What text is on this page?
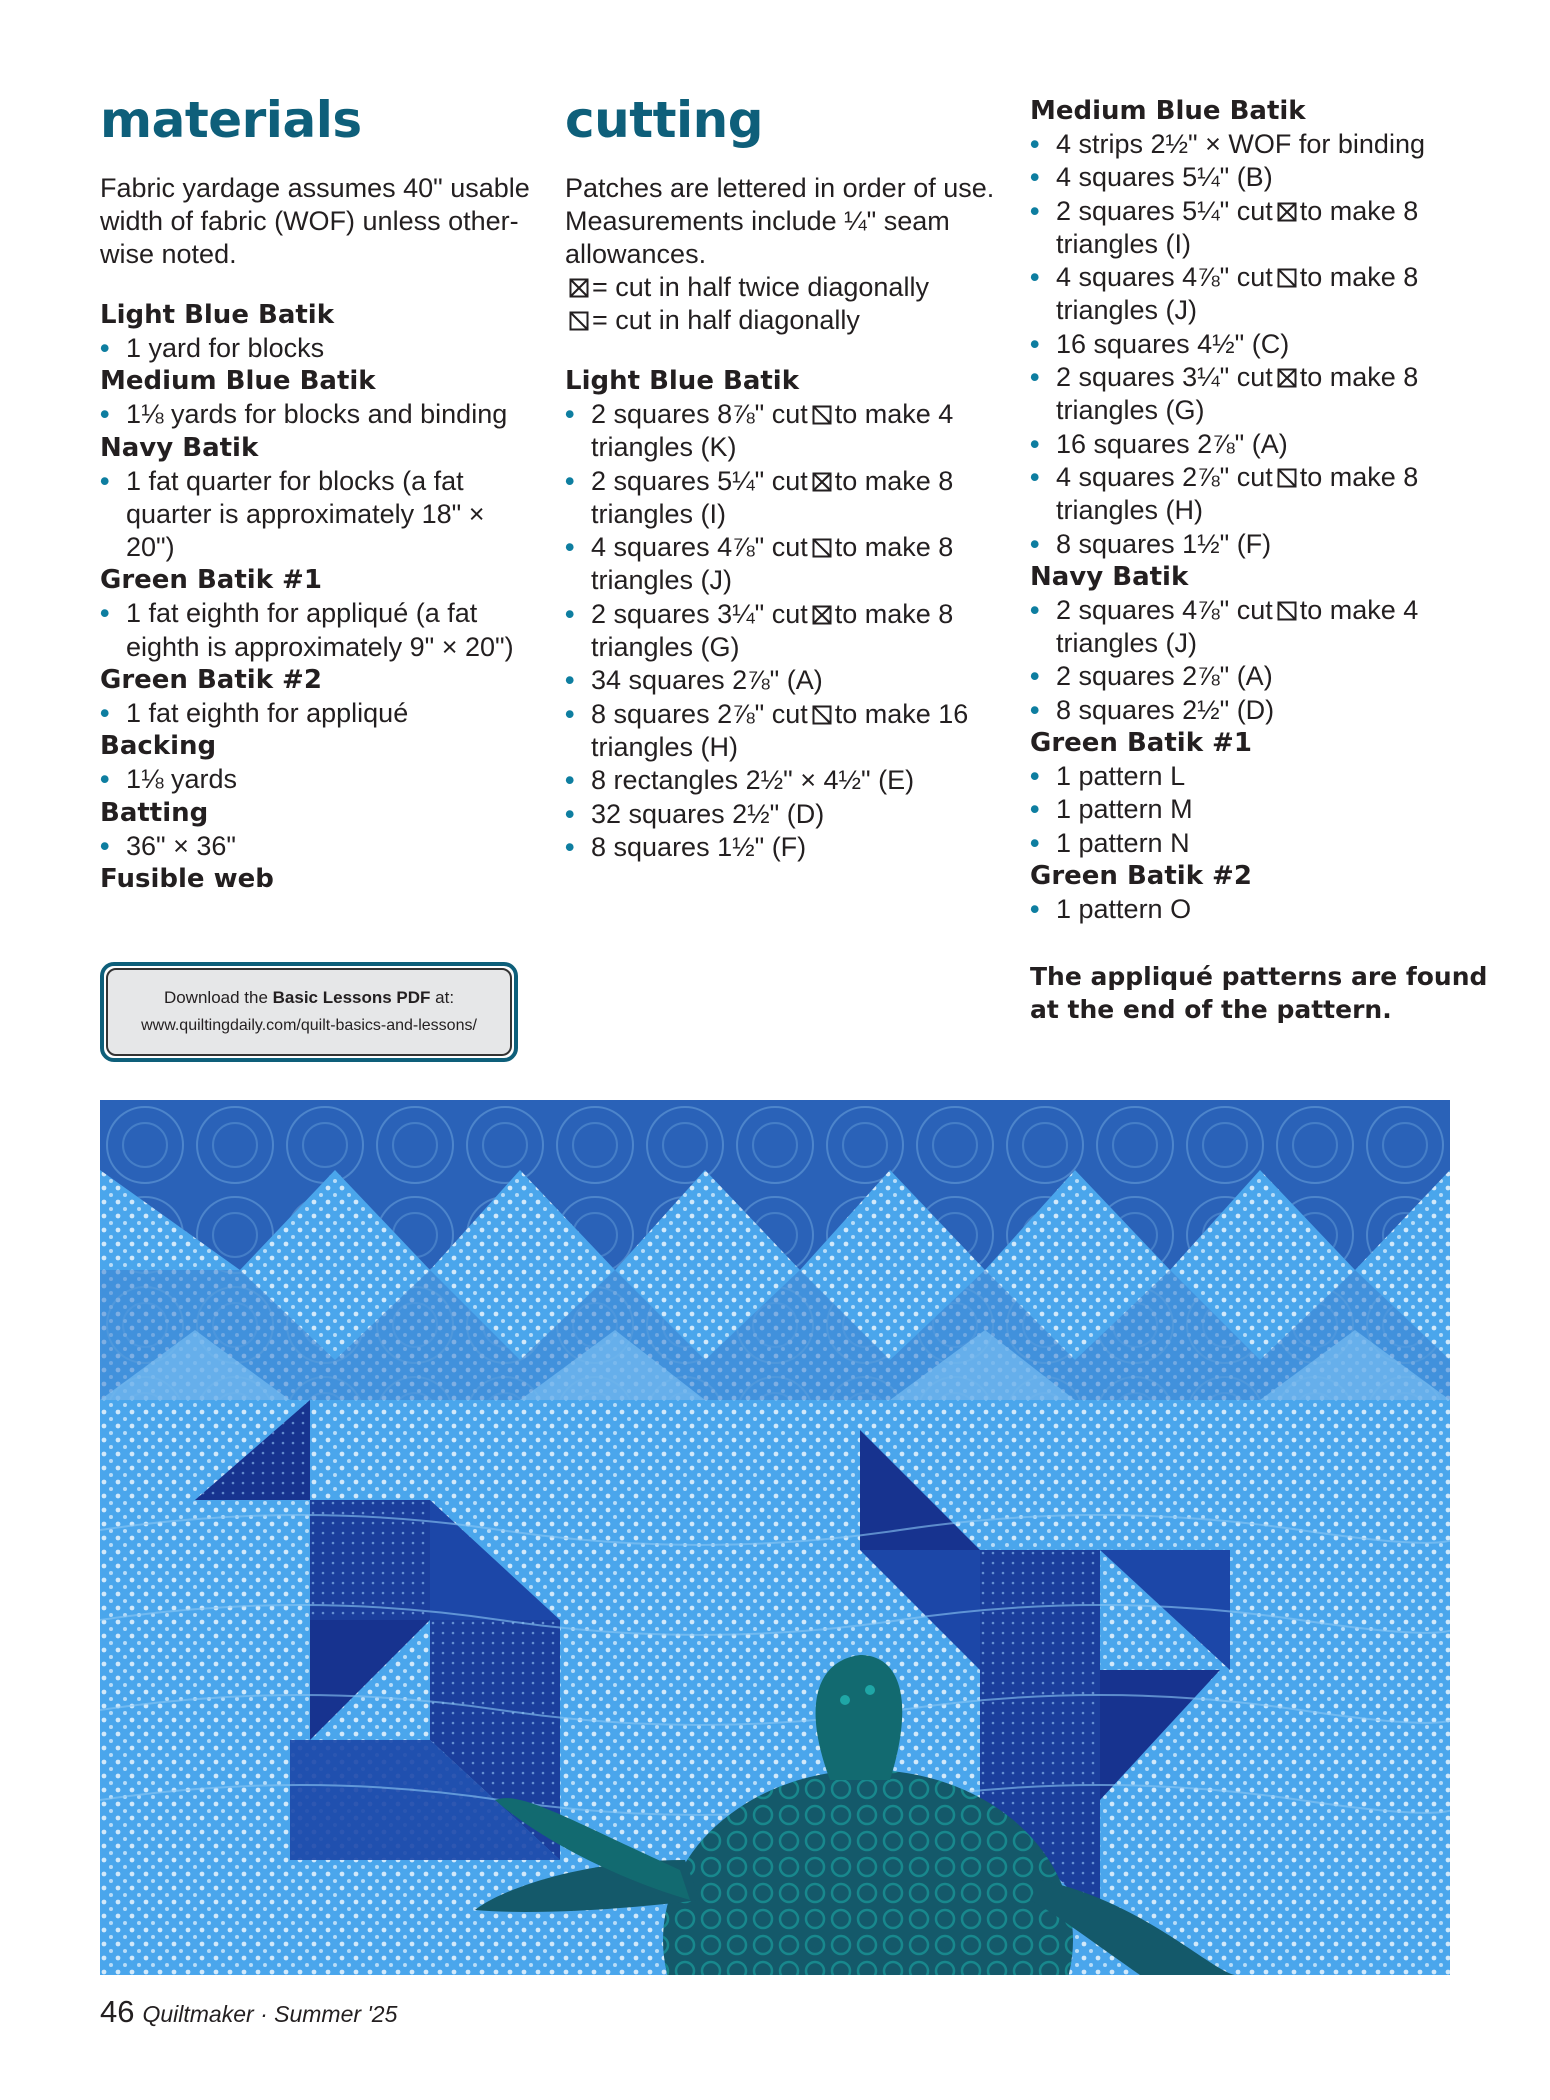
materials

Fabric yardage assumes 40" usable width of fabric (WOF) unless other-wise noted.

Light Blue Batik
• 1 yard for blocks
Medium Blue Batik
• 1⅛ yards for blocks and binding
Navy Batik
• 1 fat quarter for blocks (a fat quarter is approximately 18" × 20")
Green Batik #1
• 1 fat eighth for appliqué (a fat eighth is approximately 9" × 20")
Green Batik #2
• 1 fat eighth for appliqué
Backing
• 1⅛ yards
Batting
• 36" × 36"
Fusible web
Download the Basic Lessons PDF at:
www.quiltingdaily.com/quilt-basics-and-lessons/
cutting

Patches are lettered in order of use. Measurements include ¼" seam allowances.

= cut in half twice diagonally
= cut in half diagonally
Light Blue Batik
• 2 squares 8⅞" cut to make 4 triangles (K)
• 2 squares 5¼" cut to make 8 triangles (I)
• 4 squares 4⅞" cut to make 8 triangles (J)
• 2 squares 3¼" cut to make 8 triangles (G)
• 34 squares 2⅞" (A)
• 8 squares 2⅞" cut to make 16 triangles (H)
• 8 rectangles 2½" × 4½" (E)
• 32 squares 2½" (D)
• 8 squares 1½" (F)
Medium Blue Batik
• 4 strips 2½" × WOF for binding
• 4 squares 5¼" (B)
• 2 squares 5¼" cut to make 8 triangles (I)
• 4 squares 4⅞" cut to make 8 triangles (J)
• 16 squares 4½" (C)
• 2 squares 3¼" cut to make 8 triangles (G)
• 16 squares 2⅞" (A)
• 4 squares 2⅞" cut to make 8 triangles (H)
• 8 squares 1½" (F)
Navy Batik
• 2 squares 4⅞" cut to make 4 triangles (J)
• 2 squares 2⅞" (A)
• 8 squares 2½" (D)
Green Batik #1
• 1 pattern L
• 1 pattern M
• 1 pattern N
Green Batik #2
• 1 pattern O
The appliqué patterns are found at the end of the pattern.
46 Quiltmaker · Summer '25
